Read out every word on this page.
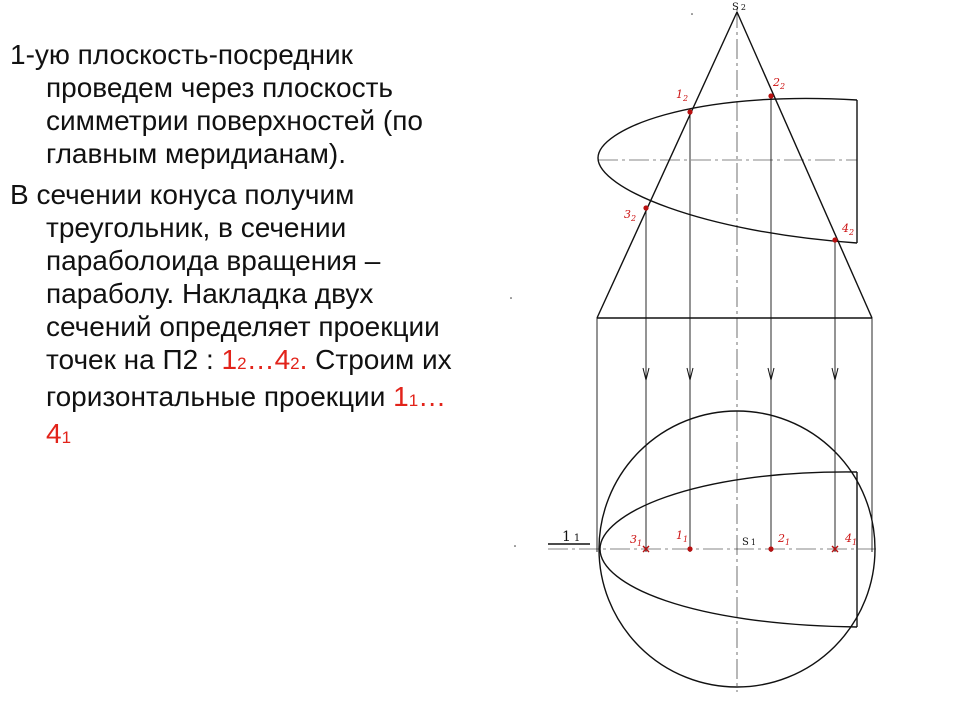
1-ую плоскость-посредник проведем через плоскость симметрии поверхностей (по главным меридианам).

В сечении конуса получим треугольник, в сечении параболоида вращения – параболу. Накладка двух сечений определяет проекции точек на П2 : 12…42. Строим их горизонтальные проекции 11…41

S 2
$1_2$
$2_2$
$3_2$
$4_2$
$3_1$
$1_1$	S 1 $2_1$	$4_1$
1 1
